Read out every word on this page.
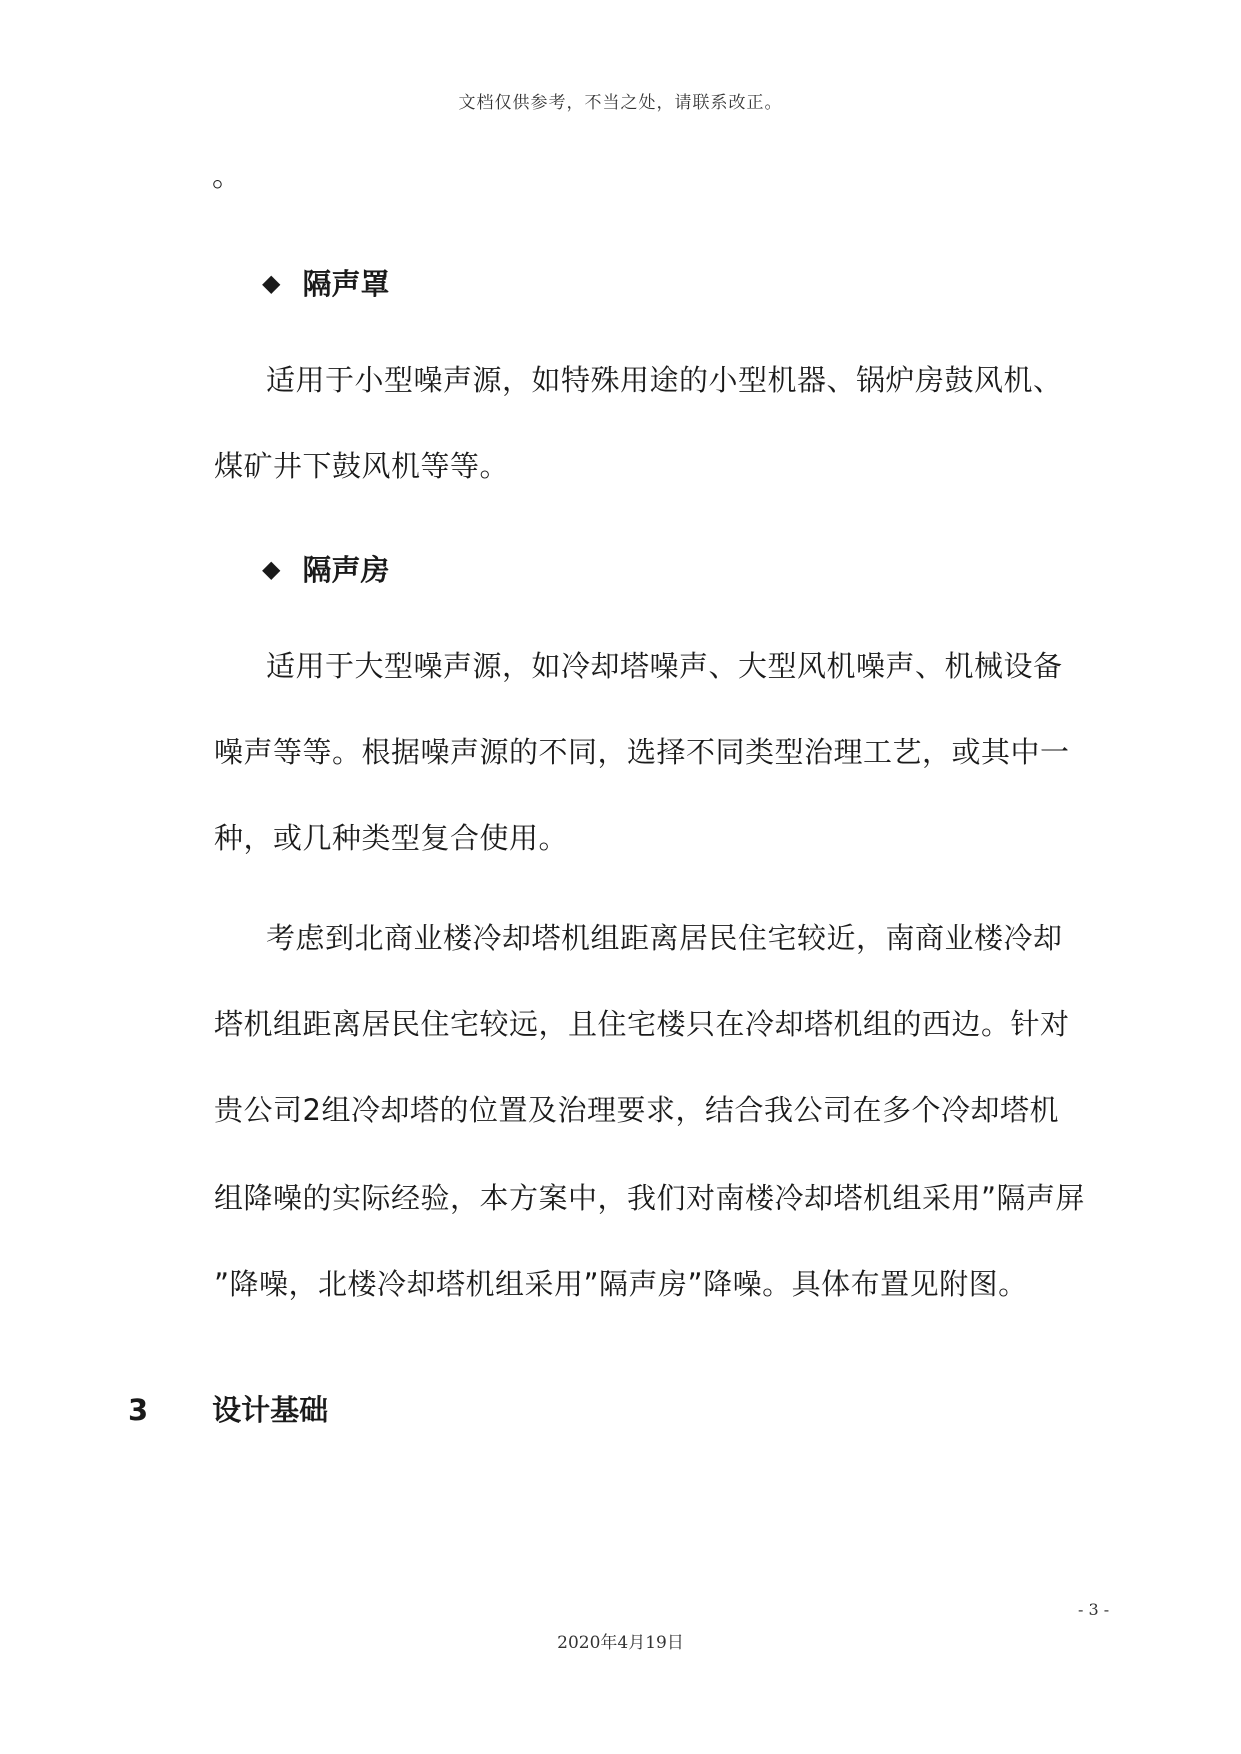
文档仅供参考，不当之处，请联系改正。
。
◆ 隔声罩
适用于小型噪声源，如特殊用途的小型机器、锅炉房鼓风机、
煤矿井下鼓风机等等。
◆ 隔声房
适用于大型噪声源，如冷却塔噪声、大型风机噪声、机械设备
噪声等等。根据噪声源的不同，选择不同类型治理工艺，或其中一
种，或几种类型复合使用。
考虑到北商业楼冷却塔机组距离居民住宅较近，南商业楼冷却
塔机组距离居民住宅较远，且住宅楼只在冷却塔机组的西边。针对
贵公司2组冷却塔的位置及治理要求，结合我公司在多个冷却塔机
组降噪的实际经验，本方案中，我们对南楼冷却塔机组采用”隔声屏
”降噪，北楼冷却塔机组采用”隔声房”降噪。具体布置见附图。
3 设计基础
- 3 -
2020年4月19日
